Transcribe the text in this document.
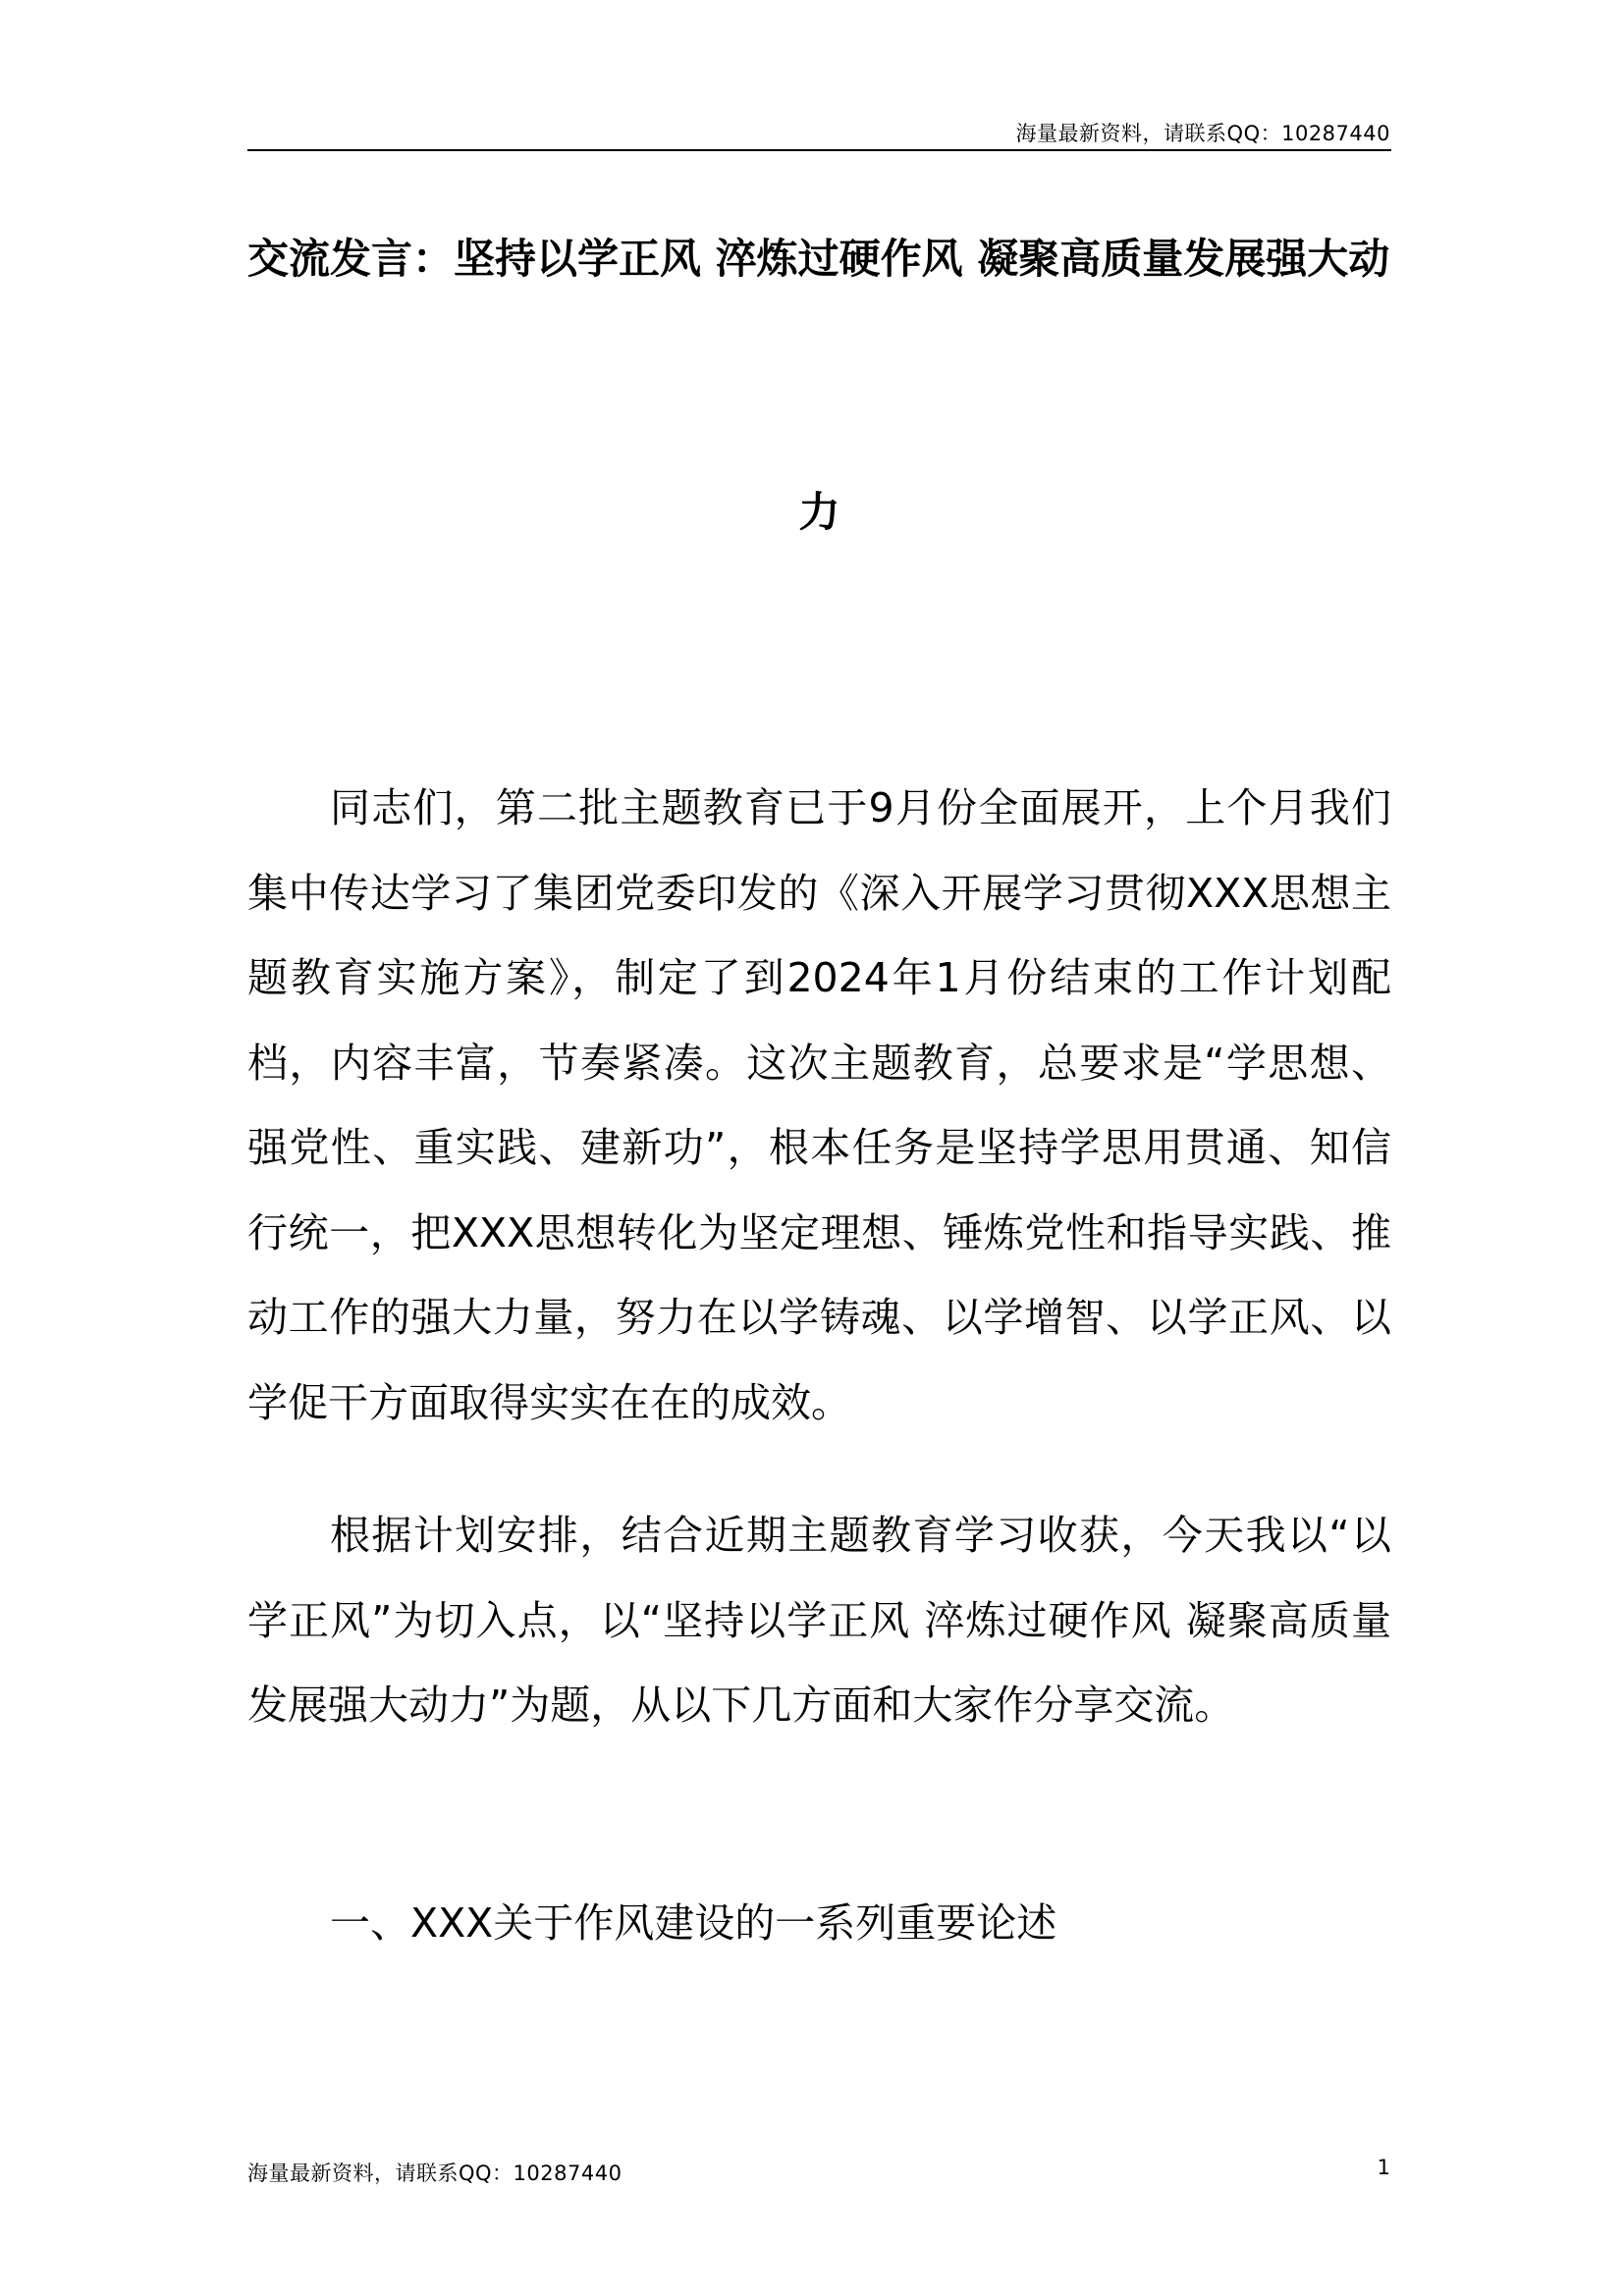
海量最新资料，请联系QQ：10287440
交流发言：坚持以学正风 淬炼过硬作风 凝聚高质量发展强大动
力

同志们，第二批主题教育已于9月份全面展开，上个月我们集中传达学习了集团党委印发的《深入开展学习贯彻XXX思想主题教育实施方案》，制定了到2024年1月份结束的工作计划配档，内容丰富，节奏紧凑。这次主题教育，总要求是“学思想、强党性、重实践、建新功”，根本任务是坚持学思用贯通、知信行统一，把XXX思想转化为坚定理想、锤炼党性和指导实践、推动工作的强大力量，努力在以学铸魂、以学增智、以学正风、以学促干方面取得实实在在的成效。

根据计划安排，结合近期主题教育学习收获，今天我以“以学正风”为切入点，以“坚持以学正风 淬炼过硬作风 凝聚高质量发展强大动力”为题，从以下几方面和大家作分享交流。

一、XXX关于作风建设的一系列重要论述
海量最新资料，请联系QQ：10287440	1
